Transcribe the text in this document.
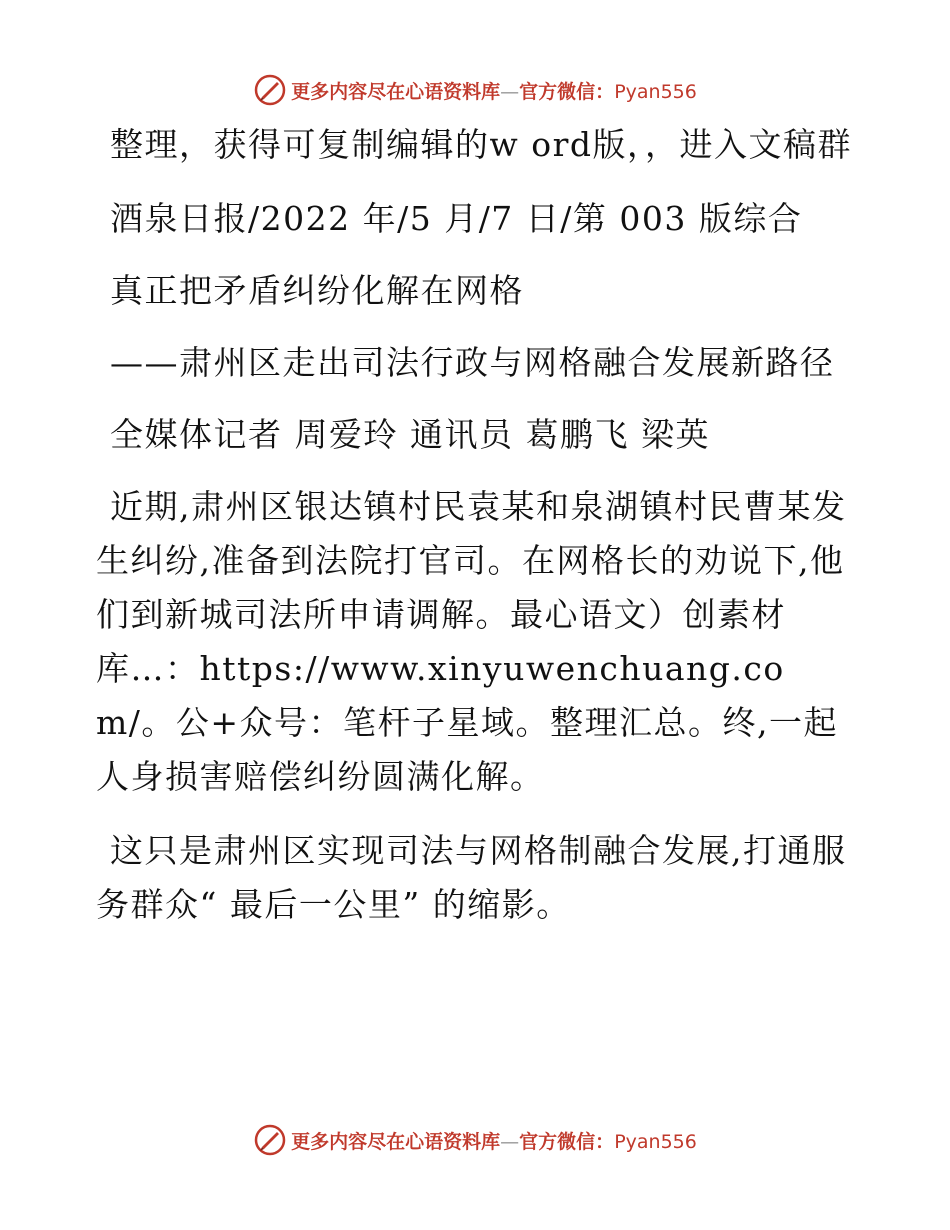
更多内容尽在心语资料库—官方微信：Pyan556

整理，获得可复制编辑的w ord版，，进入文稿群

酒泉日报/2022 年/5 月/7 日/第 003 版综合

真正把矛盾纠纷化解在网格

——肃州区走出司法行政与网格融合发展新路径

全媒体记者 周爱玲 通讯员 葛鹏飞 梁英

近期,肃州区银达镇村民袁某和泉湖镇村民曹某发生纠纷,准备到法院打官司。在网格长的劝说下,他们到新城司法所申请调解。最心语文）创素材库…：https://www.xinyuwenchuang.com/。公+众号：笔杆子星域。整理汇总。终,一起人身损害赔偿纠纷圆满化解。

这只是肃州区实现司法与网格制融合发展,打通服务群众“ 最后一公里” 的缩影。

更多内容尽在心语资料库—官方微信：Pyan556
